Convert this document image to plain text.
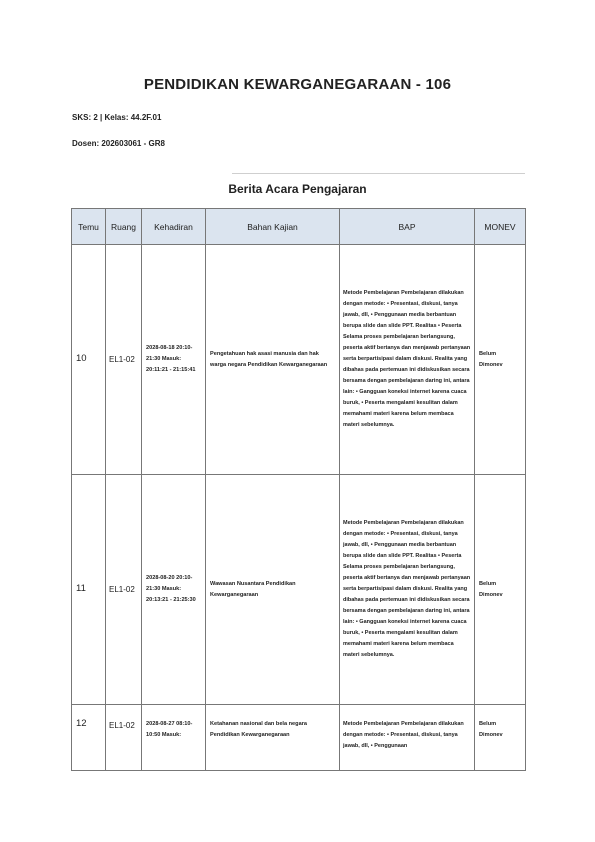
PENDIDIKAN KEWARGANEGARAAN - 106
SKS: 2 | Kelas: 44.2F.01
Dosen: 202603061 - GR8
Berita Acara Pengajaran
Temu	Ruang	Kehadiran	Bahan Kajian	BAP	MONEV
10	EL1-02	2028-08-18 20:10-21:30 Masuk: 20:11:21 - 21:15:41	Pengetahuan hak asasi manusia dan hak warga negara Pendidikan Kewarganegaraan	Metode Pembelajaran Pembelajaran dilakukan dengan metode: • Presentasi, diskusi, tanya jawab, dll, • Penggunaan media berbantuan berupa slide dan slide PPT. Realitas • Peserta Selama proses pembelajaran berlangsung, peserta aktif bertanya dan menjawab pertanyaan serta berpartisipasi dalam diskusi. Realita yang dibahas pada pertemuan ini didiskusikan secara bersama dengan pembelajaran daring ini, antara lain: • Gangguan koneksi internet karena cuaca buruk, • Peserta mengalami kesulitan dalam memahami materi karena belum membaca materi sebelumnya.	Belum Dimonev
11	EL1-02	2028-08-20 20:10-21:30 Masuk: 20:13:21 - 21:25:30	Wawasan Nusantara Pendidikan Kewarganegaraan	Metode Pembelajaran Pembelajaran dilakukan dengan metode: • Presentasi, diskusi, tanya jawab, dll, • Penggunaan media berbantuan berupa slide dan slide PPT. Realitas • Peserta Selama proses pembelajaran berlangsung, peserta aktif bertanya dan menjawab pertanyaan serta berpartisipasi dalam diskusi. Realita yang dibahas pada pertemuan ini didiskusikan secara bersama dengan pembelajaran daring ini, antara lain: • Gangguan koneksi internet karena cuaca buruk, • Peserta mengalami kesulitan dalam memahami materi karena belum membaca materi sebelumnya.	Belum Dimonev
12	EL1-02	2028-08-27 08:10-10:50 Masuk:	Ketahanan nasional dan bela negara Pendidikan Kewarganegaraan	Metode Pembelajaran Pembelajaran dilakukan dengan metode: • Presentasi, diskusi, tanya jawab, dll, • Penggunaan	Belum Dimonev
